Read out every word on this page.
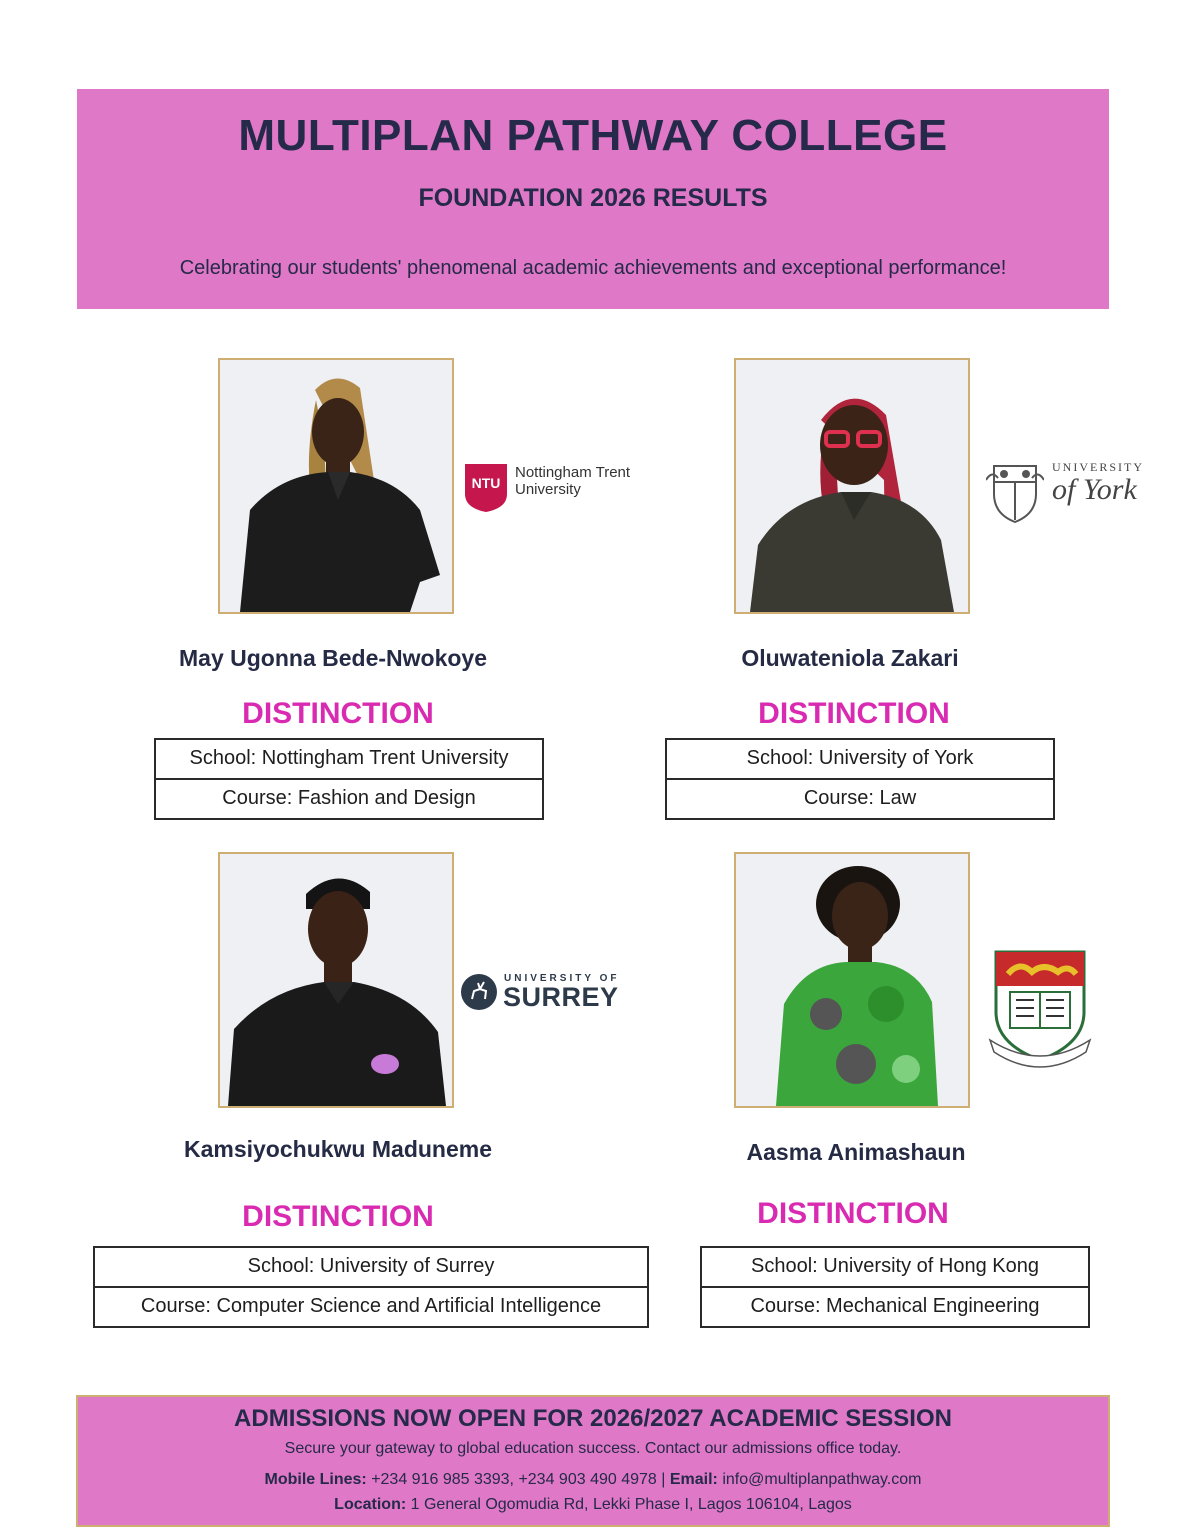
MULTIPLAN PATHWAY COLLEGE
FOUNDATION 2026 RESULTS
Celebrating our students' phenomenal academic achievements and exceptional performance!
NTU
Nottingham Trent
University
May Ugonna Bede-Nwokoye
DISTINCTION
School: Nottingham Trent University
Course: Fashion and Design
UNIVERSITY
of York
Oluwateniola Zakari
DISTINCTION
School: University of York
Course: Law
UNIVERSITY OF
SURREY
Kamsiyochukwu Maduneme
DISTINCTION
School: University of Surrey
Course: Computer Science and Artificial Intelligence
Aasma Animashaun
DISTINCTION
School: University of Hong Kong
Course: Mechanical Engineering
ADMISSIONS NOW OPEN FOR 2026/2027 ACADEMIC SESSION
Secure your gateway to global education success. Contact our admissions office today.
Mobile Lines: +234 916 985 3393, +234 903 490 4978 | Email: info@multiplanpathway.com
Location: 1 General Ogomudia Rd, Lekki Phase I, Lagos 106104, Lagos
